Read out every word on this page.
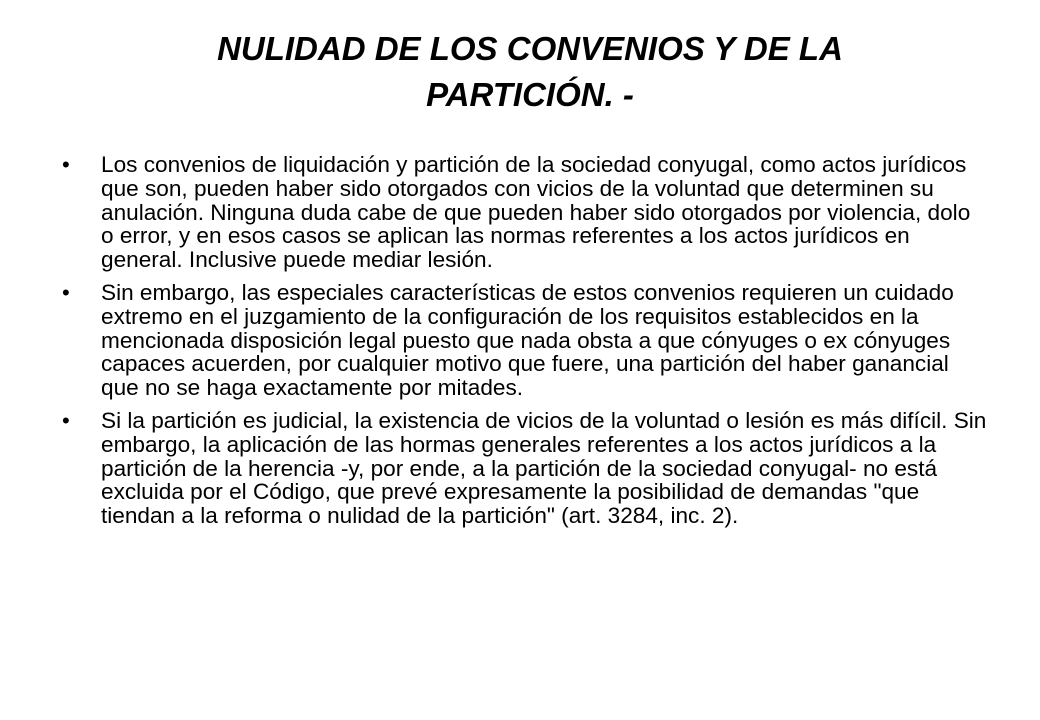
NULIDAD DE LOS CONVENIOS Y DE LA PARTICIÓN. -
• Los convenios de liquidación y partición de la sociedad conyugal, como actos jurídicos que son, pueden haber sido otorgados con vicios de la voluntad que determinen su anulación. Ninguna duda cabe de que pueden haber sido otorgados por violencia, dolo o error, y en esos casos se aplican las normas referentes a los actos jurídicos en general. Inclusive puede mediar lesión.
• Sin embargo, las especiales características de estos convenios requieren un cuidado extremo en el juzgamiento de la configuración de los requisitos establecidos en la mencionada disposición legal puesto que nada obsta a que cónyuges o ex cónyuges capaces acuerden, por cualquier motivo que fuere, una partición del haber ganancial que no se haga exactamente por mitades.
• Si la partición es judicial, la existencia de vicios de la voluntad o lesión es más difícil. Sin embargo, la aplicación de las hormas generales referentes a los actos jurídicos a la partición de la herencia -y, por ende, a la partición de la sociedad conyugal- no está excluida por el Código, que prevé expresamente la posibilidad de demandas "que tiendan a la reforma o nulidad de la partición" (art. 3284, inc. 2).
